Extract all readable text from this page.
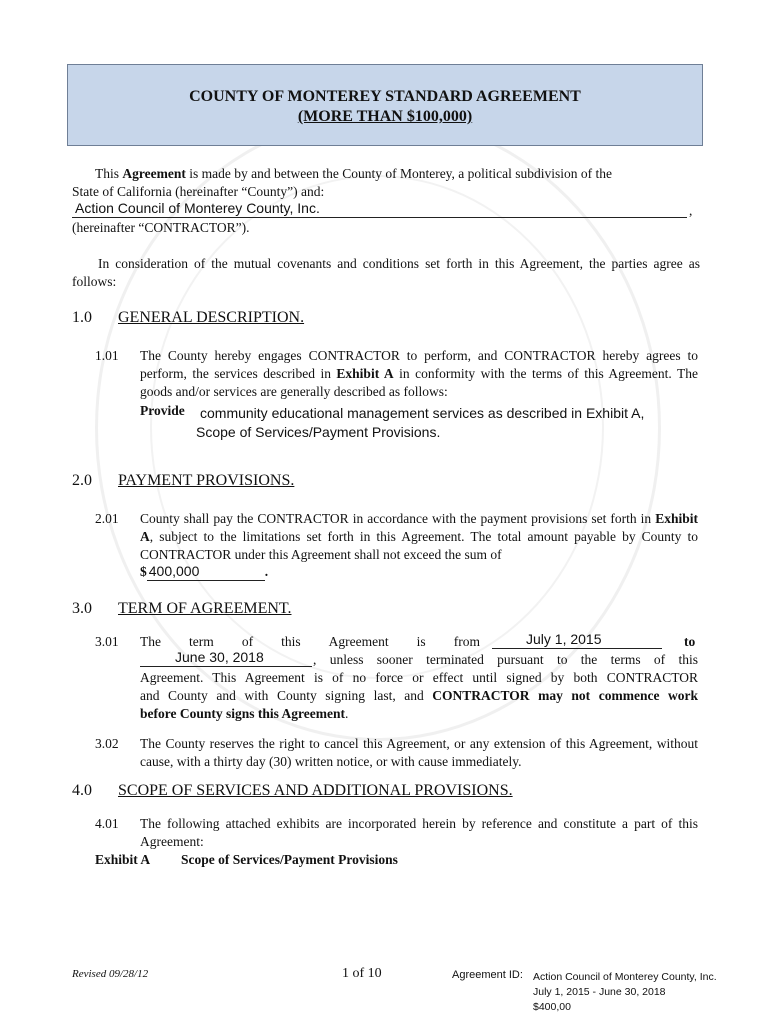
COUNTY OF MONTEREY STANDARD AGREEMENT
(MORE THAN $100,000)
This Agreement is made by and between the County of Monterey, a political subdivision of the
State of California (hereinafter “County”) and:
Action Council of Monterey County, Inc.	,
(hereinafter “CONTRACTOR”).
In consideration of the mutual covenants and conditions set forth in this Agreement, the parties agree as follows:
1.0 GENERAL DESCRIPTION.
1.01 The County hereby engages CONTRACTOR to perform, and CONTRACTOR hereby agrees to perform, the services described in Exhibit A in conformity with the terms of this Agreement. The goods and/or services are generally described as follows:
Provide community educational management services as described in Exhibit A,
Scope of Services/Payment Provisions.
2.0 PAYMENT PROVISIONS.
2.01 County shall pay the CONTRACTOR in accordance with the payment provisions set forth in Exhibit A, subject to the limitations set forth in this Agreement. The total amount payable by County to CONTRACTOR under this Agreement shall not exceed the sum of
$ 400,000	.
3.0 TERM OF AGREEMENT.
3.01 The term of this Agreement is from	July 1, 2015	to
June 30, 2018	, unless sooner terminated pursuant to the terms of this
Agreement. This Agreement is of no force or effect until signed by both CONTRACTOR
and County and with County signing last, and CONTRACTOR may not commence work
before County signs this Agreement.
3.02 The County reserves the right to cancel this Agreement, or any extension of this Agreement, without cause, with a thirty day (30) written notice, or with cause immediately.
4.0 SCOPE OF SERVICES AND ADDITIONAL PROVISIONS.
4.01 The following attached exhibits are incorporated herein by reference and constitute a part of this Agreement:
Exhibit A Scope of Services/Payment Provisions
Revised 09/28/12	1 of 10	Agreement ID: Action Council of Monterey County, Inc.
July 1, 2015 - June 30, 2018
$400,00
